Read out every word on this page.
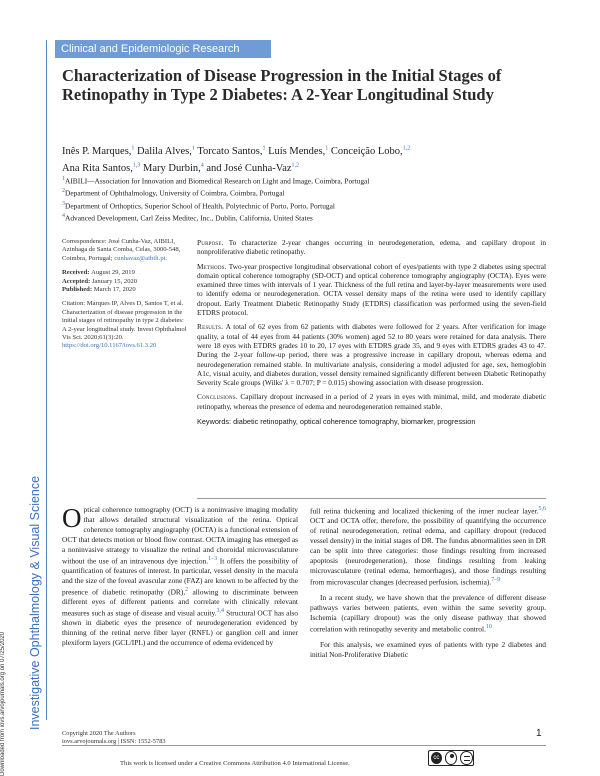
Investigative Ophthalmology & Visual Science
Downloaded from iovs.arvojournals.org on 07/25/2020
Clinical and Epidemiologic Research
Characterization of Disease Progression in the Initial Stages of Retinopathy in Type 2 Diabetes: A 2-Year Longitudinal Study
Inês P. Marques,$^1$ Dalila Alves,$^1$ Torcato Santos,$^1$ Luís Mendes,$^1$ Conceição Lobo,$^{1,2}$
Ana Rita Santos,$^{1,3}$ Mary Durbin,$^4$ and José Cunha-Vaz$^{1,2}$
$^1$AIBILI—Association for Innovation and Biomedical Research on Light and Image, Coimbra, Portugal
$^2$Department of Ophthalmology, University of Coimbra, Coimbra, Portugal
$^3$Department of Orthoptics, Superior School of Health, Polytechnic of Porto, Porto, Portugal
$^4$Advanced Development, Carl Zeiss Meditec, Inc., Dublin, California, United States
Correspondence: José Cunha-Vaz, AIBILI, Azinhaga de Santa Comba, Celas, 3000-548, Coimbra, Portugal; cunhavaz@aibili.pt.
Received: August 29, 2019
Accepted: January 15, 2020
Published: March 17, 2020
Citation: Marques IP, Alves D, Santos T, et al. Characterization of disease progression in the initial stages of retinopathy in type 2 diabetes: A 2-year longitudinal study. Invest Ophthalmol Vis Sci. 2020;61(3):20. https://doi.org/10.1167/iovs.61.3.20

Purpose. To characterize 2-year changes occurring in neurodegeneration, edema, and capillary dropout in nonproliferative diabetic retinopathy.

Methods. Two-year prospective longitudinal observational cohort of eyes/patients with type 2 diabetes using spectral domain optical coherence tomography (SD-OCT) and optical coherence tomography angiography (OCTA). Eyes were examined three times with intervals of 1 year. Thickness of the full retina and layer-by-layer measurements were used to identify edema or neurodegeneration. OCTA vessel density maps of the retina were used to identify capillary dropout. Early Treatment Diabetic Retinopathy Study (ETDRS) classification was performed using the seven-field ETDRS protocol.

Results. A total of 62 eyes from 62 patients with diabetes were followed for 2 years. After verification for image quality, a total of 44 eyes from 44 patients (30% women) aged 52 to 80 years were retained for data analysis. There were 18 eyes with ETDRS grades 10 to 20, 17 eyes with ETDRS grade 35, and 9 eyes with ETDRS grades 43 to 47. During the 2-year follow-up period, there was a progressive increase in capillary dropout, whereas edema and neurodegeneration remained stable. In multivariate analysis, considering a model adjusted for age, sex, hemoglobin A1c, visual acuity, and diabetes duration, vessel density remained significantly different between Diabetic Retinopathy Severity Scale groups (Wilks' λ = 0.707; P = 0.015) showing association with disease progression.

Conclusions. Capillary dropout increased in a period of 2 years in eyes with minimal, mild, and moderate diabetic retinopathy, whereas the presence of edema and neurodegeneration remained stable.

Keywords: diabetic retinopathy, optical coherence tomography, biomarker, progression

Optical coherence tomography (OCT) is a noninvasive imaging modality that allows detailed structural visualization of the retina. Optical coherence tomography angiography (OCTA) is a functional extension of OCT that detects motion or blood flow contrast. OCTA imaging has emerged as a noninvasive strategy to visualize the retinal and choroidal microvasculature without the use of an intravenous dye injection.$^{1-3}$ It offers the possibility of quantification of features of interest. In particular, vessel density in the macula and the size of the foveal avascular zone (FAZ) are known to be affected by the presence of diabetic retinopathy (DR),$^2$ allowing to discriminate between different eyes of different patients and correlate with clinically relevant measures such as stage of disease and visual acuity.$^{3,4}$ Structural OCT has also shown in diabetic eyes the presence of neurodegeneration evidenced by thinning of the retinal nerve fiber layer (RNFL) or ganglion cell and inner plexiform layers (GCL/IPL) and the occurrence of edema evidenced by

full retina thickening and localized thickening of the inner nuclear layer.$^{5,6}$ OCT and OCTA offer, therefore, the possibility of quantifying the occurrence of retinal neurodegeneration, retinal edema, and capillary dropout (reduced vessel density) in the initial stages of DR. The fundus abnormalities seen in DR can be split into three categories: those findings resulting from increased apoptosis (neurodegeneration), those findings resulting from leaking microvasculature (retinal edema, hemorrhages), and those findings resulting from microvascular changes (decreased perfusion, ischemia).$^{7-9}$

In a recent study, we have shown that the prevalence of different disease pathways varies between patients, even within the same severity group. Ischemia (capillary dropout) was the only disease pathway that showed correlation with retinopathy severity and metabolic control.$^{10}$

For this analysis, we examined eyes of patients with type 2 diabetes and initial Non-Proliferative Diabetic

Copyright 2020 The Authors
iovs.arvojournals.org | ISSN: 1552-5783
1
This work is licensed under a Creative Commons Attribution 4.0 International License.
cc
